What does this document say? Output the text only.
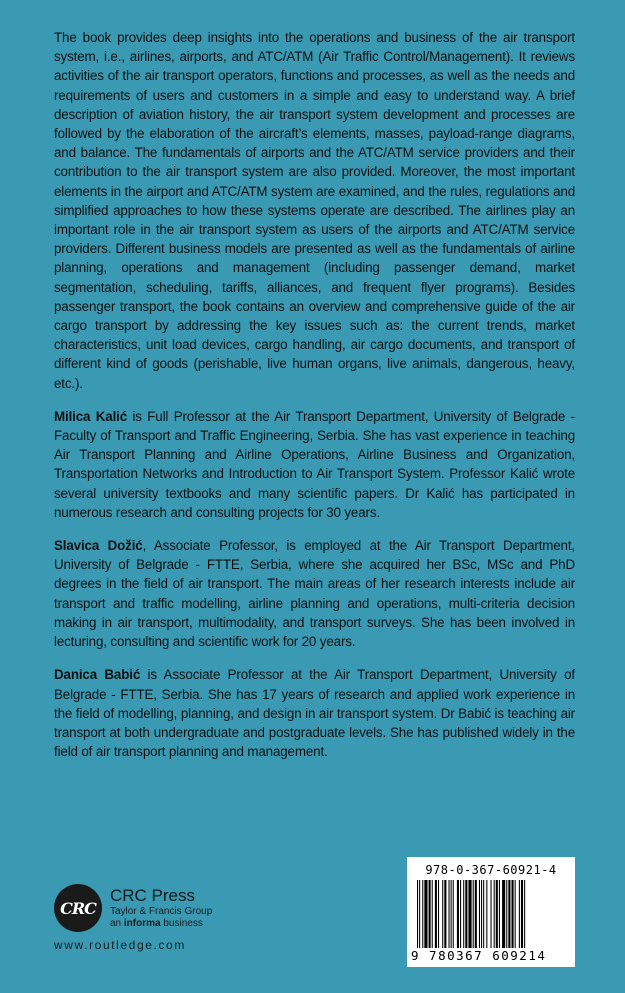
The book provides deep insights into the operations and business of the air transport system, i.e., airlines, airports, and ATC/ATM (Air Traffic Control/Management). It reviews activities of the air transport operators, functions and processes, as well as the needs and requirements of users and customers in a simple and easy to understand way. A brief description of aviation history, the air transport system development and processes are followed by the elaboration of the aircraft’s elements, masses, payload-range diagrams, and balance. The fundamentals of airports and the ATC/ATM service providers and their contribution to the air transport system are also provided. Moreover, the most important elements in the airport and ATC/ATM system are examined, and the rules, regulations and simplified approaches to how these systems operate are described. The airlines play an important role in the air transport system as users of the airports and ATC/ATM service providers. Different business models are presented as well as the fundamentals of airline planning, operations and management (including passenger demand, market segmentation, scheduling, tariffs, alliances, and frequent flyer programs). Besides passenger transport, the book contains an overview and comprehensive guide of the air cargo transport by addressing the key issues such as: the current trends, market characteristics, unit load devices, cargo handling, air cargo documents, and transport of different kind of goods (perishable, live human organs, live animals, dangerous, heavy, etc.).

Milica Kalić is Full Professor at the Air Transport Department, University of Belgrade - Faculty of Transport and Traffic Engineering, Serbia. She has vast experience in teaching Air Transport Planning and Airline Operations, Airline Business and Organization, Transportation Networks and Introduction to Air Transport System. Professor Kalić wrote several university textbooks and many scientific papers. Dr Kalić has participated in numerous research and consulting projects for 30 years.

Slavica Dožić, Associate Professor, is employed at the Air Transport Department, University of Belgrade - FTTE, Serbia, where she acquired her BSc, MSc and PhD degrees in the field of air transport. The main areas of her research interests include air transport and traffic modelling, airline planning and operations, multi-criteria decision making in air transport, multimodality, and transport surveys. She has been involved in lecturing, consulting and scientific work for 20 years.

Danica Babić is Associate Professor at the Air Transport Department, University of Belgrade - FTTE, Serbia. She has 17 years of research and applied work experience in the field of modelling, planning, and design in air transport system. Dr Babić is teaching air transport at both undergraduate and postgraduate levels. She has published widely in the field of air transport planning and management.

CRC
CRC Press
Taylor & Francis Group
an informa business
www.routledge.com
978-0-367-60921-4
9 780367 609214
